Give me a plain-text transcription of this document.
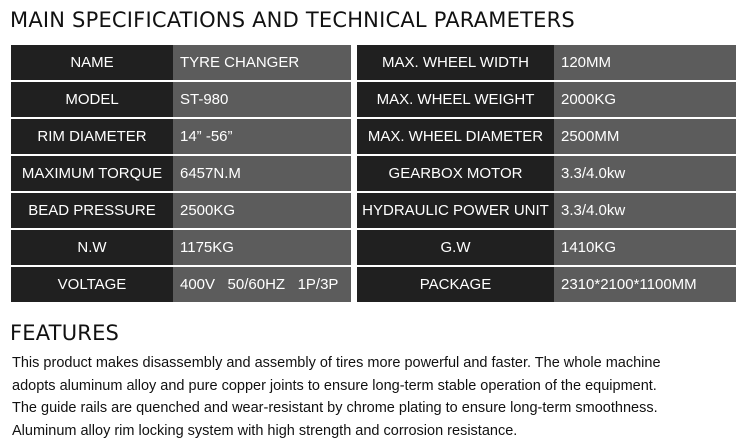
MAIN SPECIFICATIONS AND TECHNICAL PARAMETERS
NAME	TYRE CHANGER		MAX. WHEEL WIDTH	120MM
MODEL	ST-980		MAX. WHEEL WEIGHT	2000KG
RIM DIAMETER	14” -56”		MAX. WHEEL DIAMETER	2500MM
MAXIMUM TORQUE	6457N.M		GEARBOX MOTOR	3.3/4.0kw
BEAD PRESSURE	2500KG		HYDRAULIC POWER UNIT	3.3/4.0kw
N.W	1175KG		G.W	1410KG
VOLTAGE	400V   50/60HZ   1P/3P		PACKAGE	2310*2100*1100MM
FEATURES

This product makes disassembly and assembly of tires more powerful and faster. The whole machine
adopts aluminum alloy and pure copper joints to ensure long-term stable operation of the equipment.
The guide rails are quenched and wear-resistant by chrome plating to ensure long-term smoothness.
Aluminum alloy rim locking system with high strength and corrosion resistance.
